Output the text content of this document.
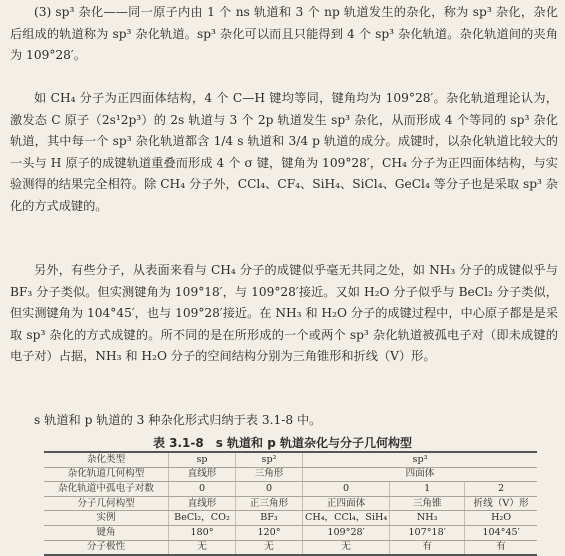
(3) sp³ 杂化——同一原子内由 1 个 ns 轨道和 3 个 np 轨道发生的杂化，称为 sp³ 杂化，杂化后组成的轨道称为 sp³ 杂化轨道。sp³ 杂化可以而且只能得到 4 个 sp³ 杂化轨道。杂化轨道间的夹角为 109°28′。

如 CH₄ 分子为正四面体结构，4 个 C—H 键均等同，键角均为 109°28′。杂化轨道理论认为，激发态 C 原子（2s¹2p³）的 2s 轨道与 3 个 2p 轨道发生 sp³ 杂化，从而形成 4 个等同的 sp³ 杂化轨道，其中每一个 sp³ 杂化轨道都含 1/4 s 轨道和 3/4 p 轨道的成分。成键时，以杂化轨道比较大的一头与 H 原子的成键轨道重叠而形成 4 个 σ 键，键角为 109°28′，CH₄ 分子为正四面体结构，与实验测得的结果完全相符。除 CH₄ 分子外，CCl₄、CF₄、SiH₄、SiCl₄、GeCl₄ 等分子也是采取 sp³ 杂化的方式成键的。

另外，有些分子，从表面来看与 CH₄ 分子的成键似乎毫无共同之处，如 NH₃ 分子的成键似乎与 BF₃ 分子类似。但实测键角为 109°18′，与 109°28′接近。又如 H₂O 分子似乎与 BeCl₂ 分子类似，但实测键角为 104°45′，也与 109°28′接近。在 NH₃ 和 H₂O 分子的成键过程中，中心原子都是是采取 sp³ 杂化的方式成键的。所不同的是在所形成的一个或两个 sp³ 杂化轨道被孤电子对（即未成键的电子对）占据，NH₃ 和 H₂O 分子的空间结构分别为三角锥形和折线（V）形。

s 轨道和 p 轨道的 3 种杂化形式归纳于表 3.1-8 中。

表 3.1-8　s 轨道和 p 轨道杂化与分子几何构型
杂化类型	sp	sp²	sp³		
杂化轨道几何构型	直线形	三角形	四面体		
杂化轨道中孤电子对数	0	0	0	1	2
分子几何构型	直线形	正三角形	正四面体	三角锥	折线（V）形
实例	BeCl₂，CO₂	BF₃	CH₄，CCl₄，SiH₄	NH₃	H₂O
键角	180°	120°	109°28′	107°18′	104°45′
分子极性	无	无	无	有	有
